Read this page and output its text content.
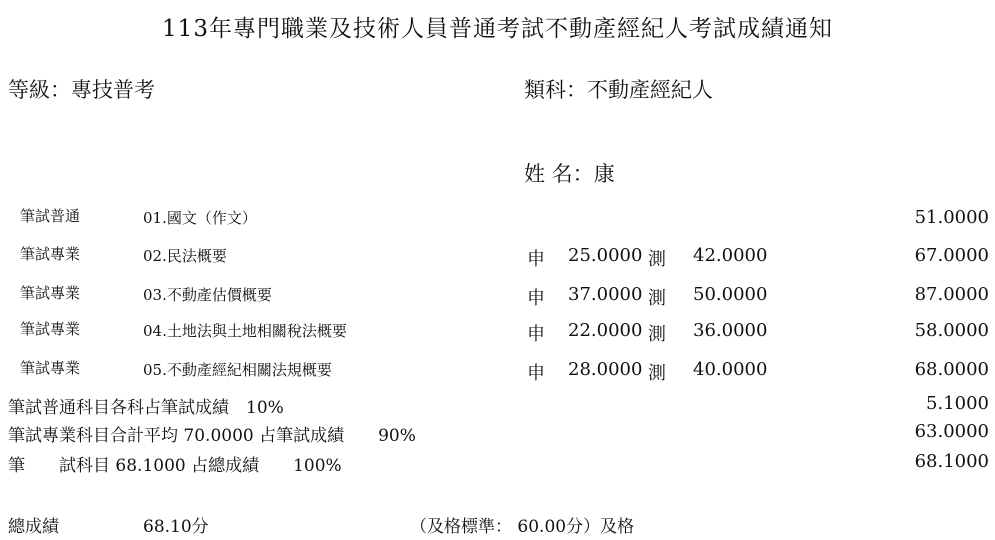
113年專門職業及技術人員普通考試不動產經紀人考試成績通知
等級：專技普考	類科：不動產經紀人
姓 名：康
筆試普通	01.國文（作文）	51.0000
筆試專業	02.民法概要	申 25.0000 測 42.0000	67.0000
筆試專業	03.不動產估價概要	申 37.0000 測 50.0000	87.0000
筆試專業	04.土地法與土地相關稅法概要	申 22.0000 測 36.0000	58.0000
筆試專業	05.不動產經紀相關法規概要	申 28.0000 測 40.0000	68.0000
筆試普通科目各科占筆試成績　10%	5.1000
筆試專業科目合計平均 70.0000 占筆試成績　　90%	63.0000
筆　　試科目 68.1000 占總成績　　100%	68.1000
總成績	68.10分	（及格標準： 60.00分）及格
